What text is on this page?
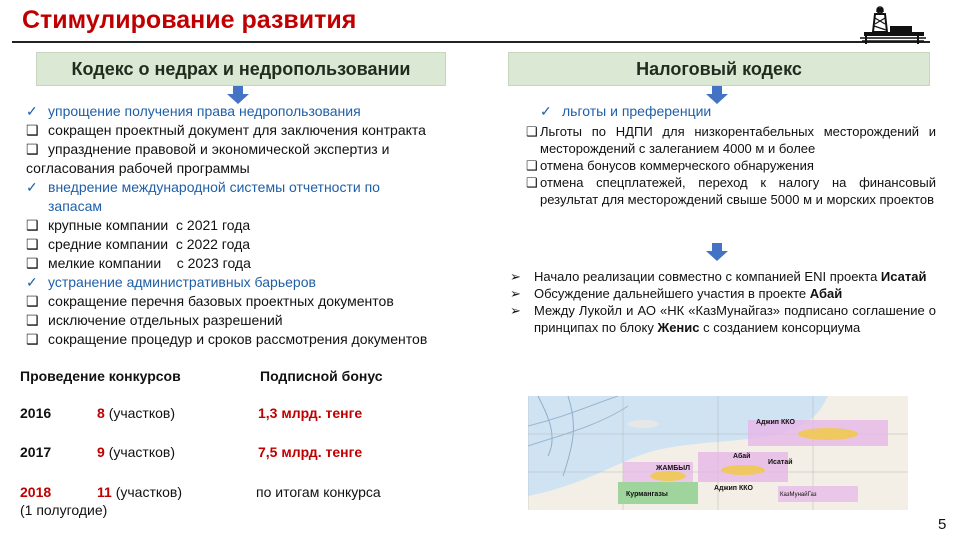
Стимулирование развития
Кодекс о недрах и недропользовании
✓ упрощение получения права недропользования
❑ сокращен проектный документ для заключения контракта
❑ упразднение правовой и экономической экспертиз и
согласования рабочей программы
✓ внедрение международной системы отчетности по
запасам
❑ крупные компании  с 2021 года
❑ средние компании  с 2022 года
❑ мелкие компании    с 2023 года
✓ устранение административных барьеров
❑ сокращение перечня базовых проектных документов
❑ исключение отдельных разрешений
❑ сокращение процедур и сроков рассмотрения документов
Проведение конкурсов	Подписной бонус
2016	8 (участков)	1,3 млрд. тенге
2017	9 (участков)	7,5 млрд. тенге
2018	11 (участков)	по итогам конкурса
(1 полугодие)
Налоговый кодекс
✓ льготы и преференции
❑ Льготы по НДПИ для низкорентабельных месторождений и месторождений с залеганием 4000 м и более
❑ отмена бонусов коммерческого обнаружения
❑ отмена спецплатежей, переход к налогу на финансовый результат для месторождений свыше 5000 м и морских проектов
➢ Начало реализации совместно с компанией ENI проекта Исатай
➢ Обсуждение дальнейшего участия в проекте Абай
➢ Между Лукойл и АО «НК «КазМунайгаз» подписано соглашение о принципах по блоку Женис с созданием консорциума
Аджип ККО
Абай
Исатай
ЖАМБЫЛ
Курмангазы
Аджип ККО
КазМунайГаз
5
